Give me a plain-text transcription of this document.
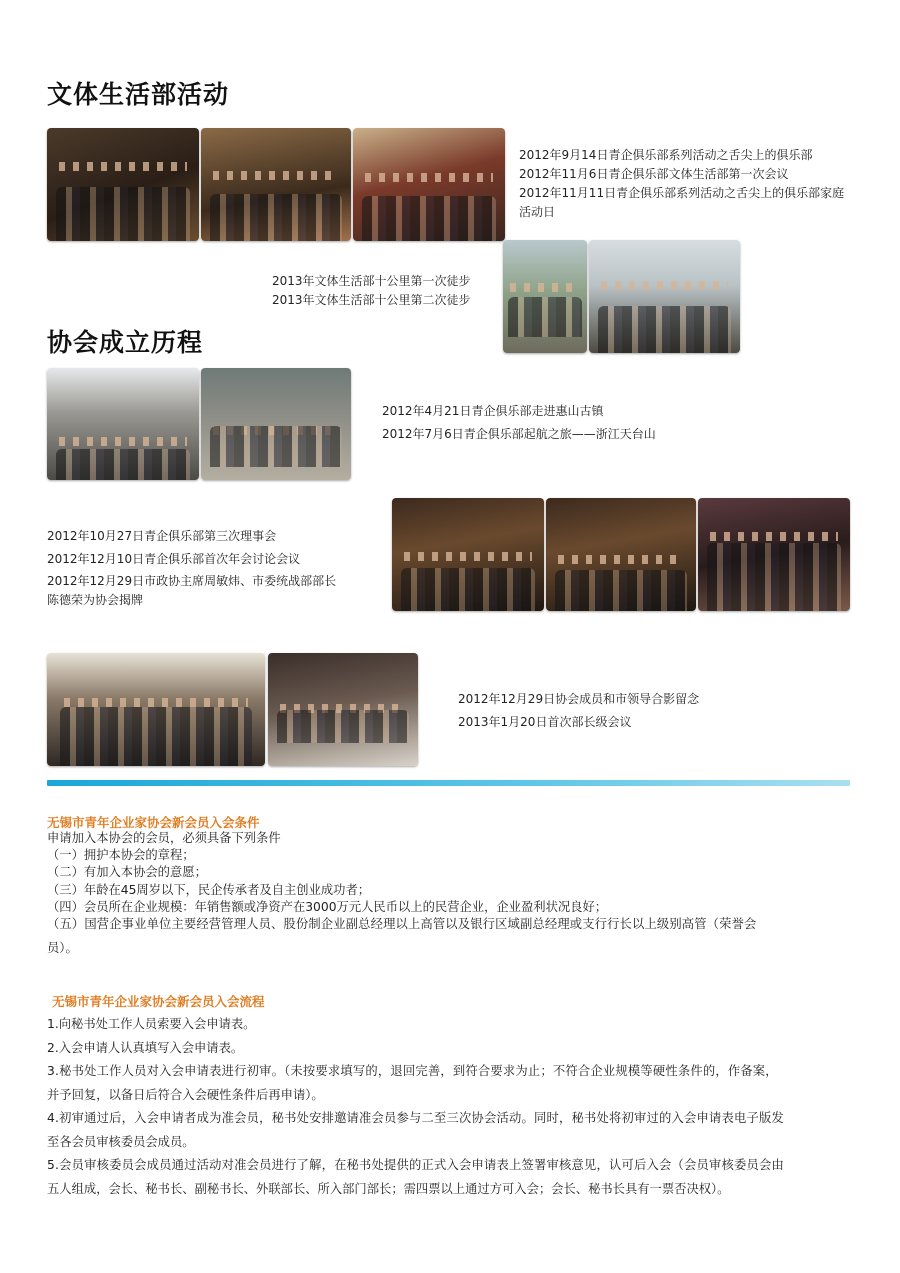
文体生活部活动
2012年9月14日青企俱乐部系列活动之舌尖上的俱乐部
2012年11月6日青企俱乐部文体生活部第一次会议
2012年11月11日青企俱乐部系列活动之舌尖上的俱乐部家庭
活动日
2013年文体生活部十公里第一次徒步
2013年文体生活部十公里第二次徒步
协会成立历程
2012年4月21日青企俱乐部走进惠山古镇
2012年7月6日青企俱乐部起航之旅——浙江天台山
2012年10月27日青企俱乐部第三次理事会
2012年12月10日青企俱乐部首次年会讨论会议
2012年12月29日市政协主席周敏炜、市委统战部部长
陈德荣为协会揭牌
2012年12月29日协会成员和市领导合影留念
2013年1月20日首次部长级会议
无锡市青年企业家协会新会员入会条件
申请加入本协会的会员，必须具备下列条件
（一）拥护本协会的章程；
（二）有加入本协会的意愿；
（三）年龄在45周岁以下，民企传承者及自主创业成功者；
（四）会员所在企业规模：年销售额或净资产在3000万元人民币以上的民营企业，企业盈利状况良好；
（五）国营企事业单位主要经营管理人员、股份制企业副总经理以上高管以及银行区域副总经理或支行行长以上级别高管（荣誉会
员）。
无锡市青年企业家协会新会员入会流程
1.向秘书处工作人员索要入会申请表。
2.入会申请人认真填写入会申请表。
3.秘书处工作人员对入会申请表进行初审。（未按要求填写的，退回完善，到符合要求为止；不符合企业规模等硬性条件的，作备案，
并予回复，以备日后符合入会硬性条件后再申请）。
4.初审通过后，入会申请者成为准会员，秘书处安排邀请准会员参与二至三次协会活动。同时，秘书处将初审过的入会申请表电子版发
至各会员审核委员会成员。
5.会员审核委员会成员通过活动对准会员进行了解，在秘书处提供的正式入会申请表上签署审核意见，认可后入会（会员审核委员会由
五人组成，会长、秘书长、副秘书长、外联部长、所入部门部长；需四票以上通过方可入会；会长、秘书长具有一票否决权）。
